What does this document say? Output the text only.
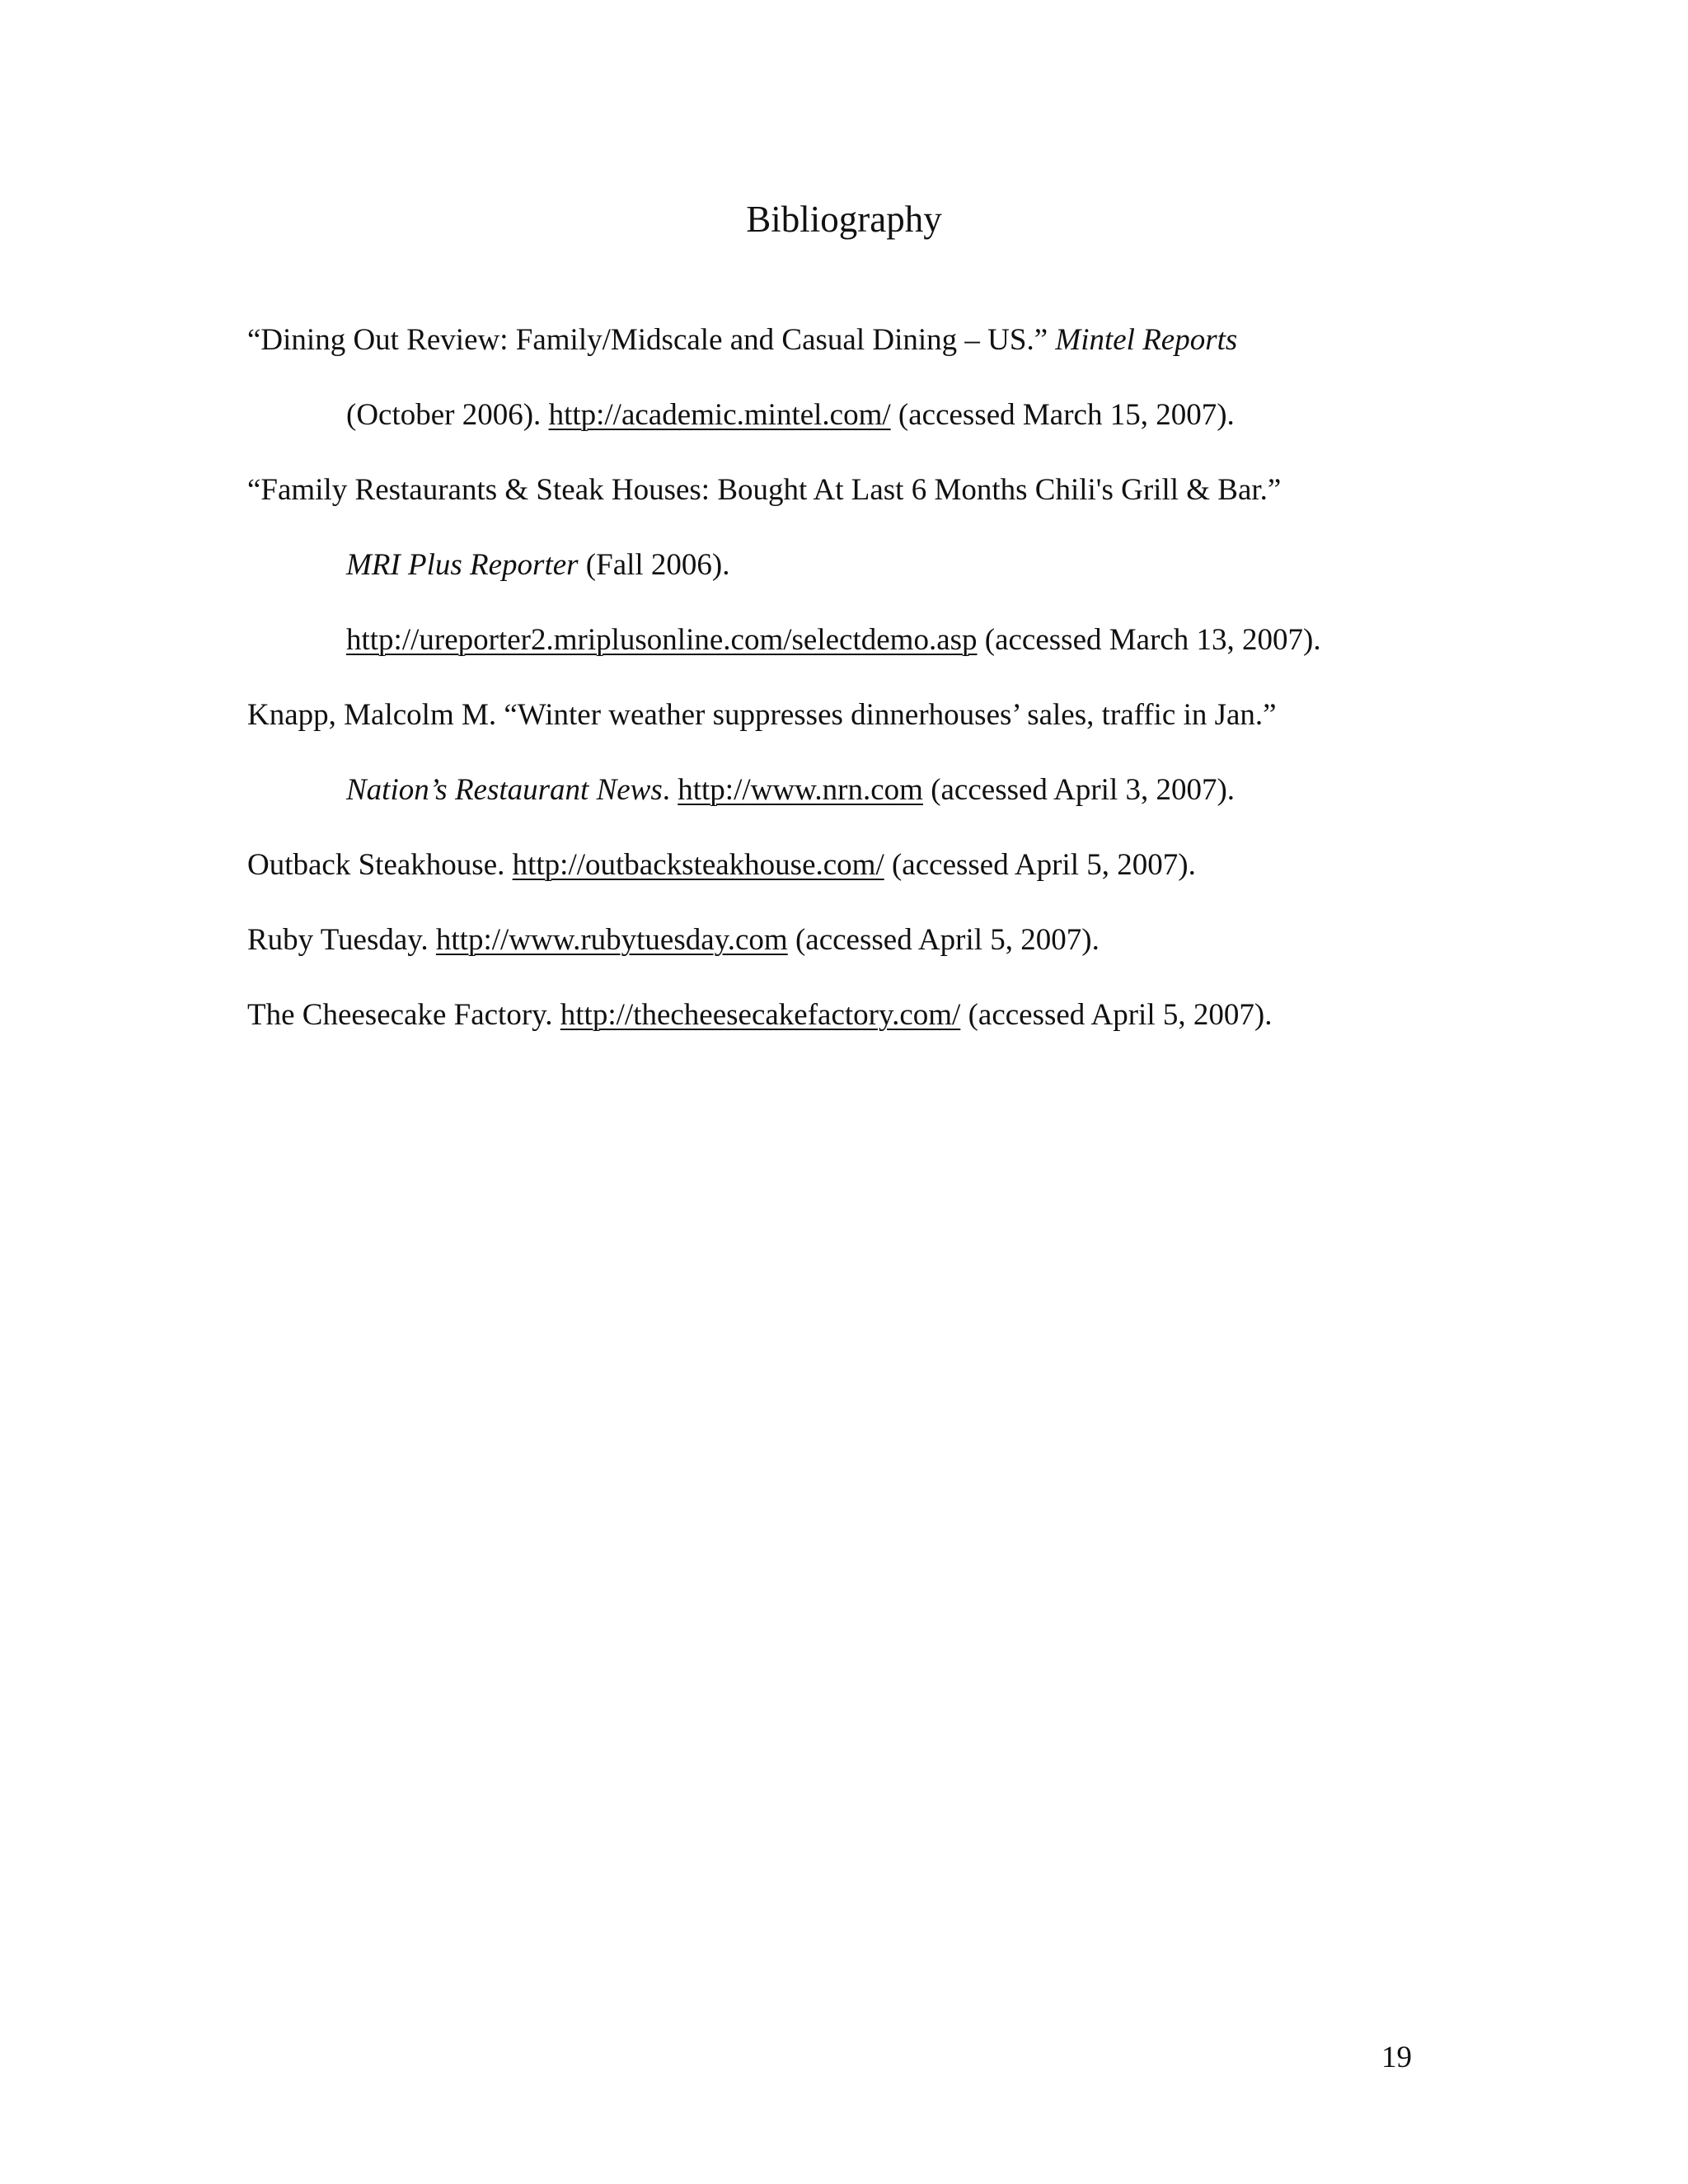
Bibliography
“Dining Out Review: Family/Midscale and Casual Dining – US.” Mintel Reports
(October 2006). http://academic.mintel.com/ (accessed March 15, 2007).
“Family Restaurants & Steak Houses: Bought At Last 6 Months Chili's Grill & Bar.”
MRI Plus Reporter (Fall 2006).
http://ureporter2.mriplusonline.com/selectdemo.asp (accessed March 13, 2007).
Knapp, Malcolm M. “Winter weather suppresses dinnerhouses’ sales, traffic in Jan.”
Nation’s Restaurant News. http://www.nrn.com (accessed April 3, 2007).
Outback Steakhouse. http://outbacksteakhouse.com/ (accessed April 5, 2007).
Ruby Tuesday. http://www.rubytuesday.com (accessed April 5, 2007).
The Cheesecake Factory. http://thecheesecakefactory.com/ (accessed April 5, 2007).
19
